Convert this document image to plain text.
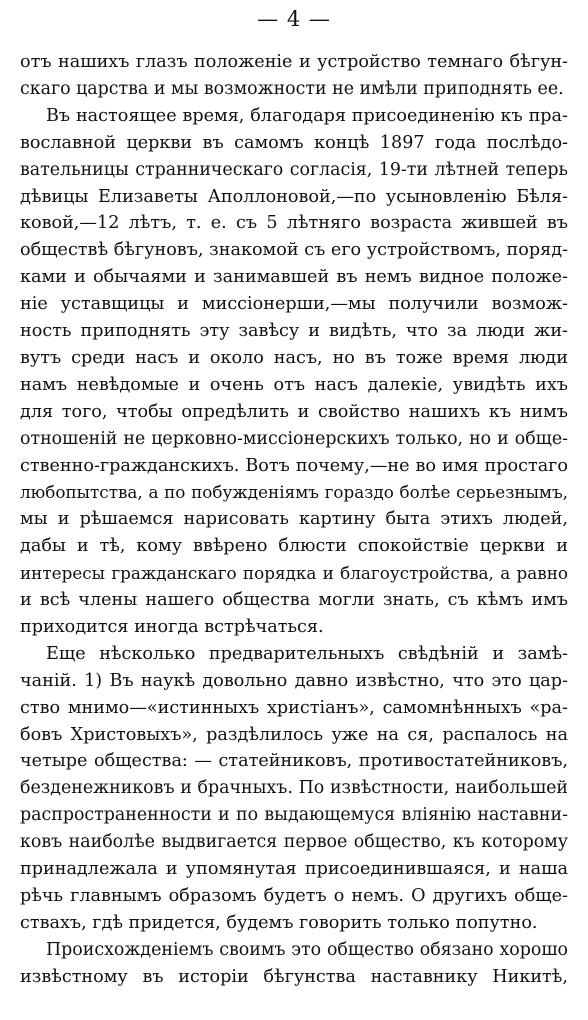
— 4 —
отъ нашихъ глазъ положеніе и устройство темнаго бѣгун-
скаго царства и мы возможности не имѣли приподнять ее.
Въ настоящее время, благодаря присоединенію къ пра-
вославной церкви въ самомъ концѣ 1897 года послѣдо-
вательницы странническаго согласія, 19-ти лѣтней теперь
дѣвицы Елизаветы Аполлоновой,—по усыновленію Бѣля-
ковой,—12 лѣтъ, т. е. съ 5 лѣтняго возраста жившей въ
обществѣ бѣгуновъ, знакомой съ его устройствомъ, поряд-
ками и обычаями и занимавшей въ немъ видное положе-
ніе уставщицы и миссіонерши,—мы получили возмож-
ность приподнять эту завѣсу и видѣть, что за люди жи-
вутъ среди насъ и около насъ, но въ тоже время люди
намъ невѣдомые и очень отъ насъ далекіе, увидѣть ихъ
для того, чтобы опредѣлить и свойство нашихъ къ нимъ
отношеній не церковно-миссіонерскихъ только, но и обще-
ственно-гражданскихъ. Вотъ почему,—не во имя простаго
любопытства, а по побужденіямъ гораздо болѣе серьезнымъ,
мы и рѣшаемся нарисовать картину быта этихъ людей,
дабы и тѣ, кому ввѣрено блюсти спокойствіе церкви и
интересы гражданскаго порядка и благоустройства, а равно
и всѣ члены нашего общества могли знать, съ кѣмъ имъ
приходится иногда встрѣчаться.
Еще нѣсколько предварительныхъ свѣдѣній и замѣ-
чаній. 1) Въ наукѣ довольно давно извѣстно, что это цар-
ство мнимо—«истинныхъ христіанъ», самомнѣнныхъ «ра-
бовъ Христовыхъ», раздѣлилось уже на ся, распалось на
четыре общества: — статейниковъ, противостатейниковъ,
безденежниковъ и брачныхъ. По извѣстности, наибольшей
распространенности и по выдающемуся вліянію наставни-
ковъ наиболѣе выдвигается первое общество, къ которому
принадлежала и упомянутая присоединившаяся, и наша
рѣчь главнымъ образомъ будетъ о немъ. О другихъ обще-
ствахъ, гдѣ придется, будемъ говорить только попутно.
Происхожденіемъ своимъ это общество обязано хорошо
извѣстному въ исторіи бѣгунства наставнику Никитѣ,
